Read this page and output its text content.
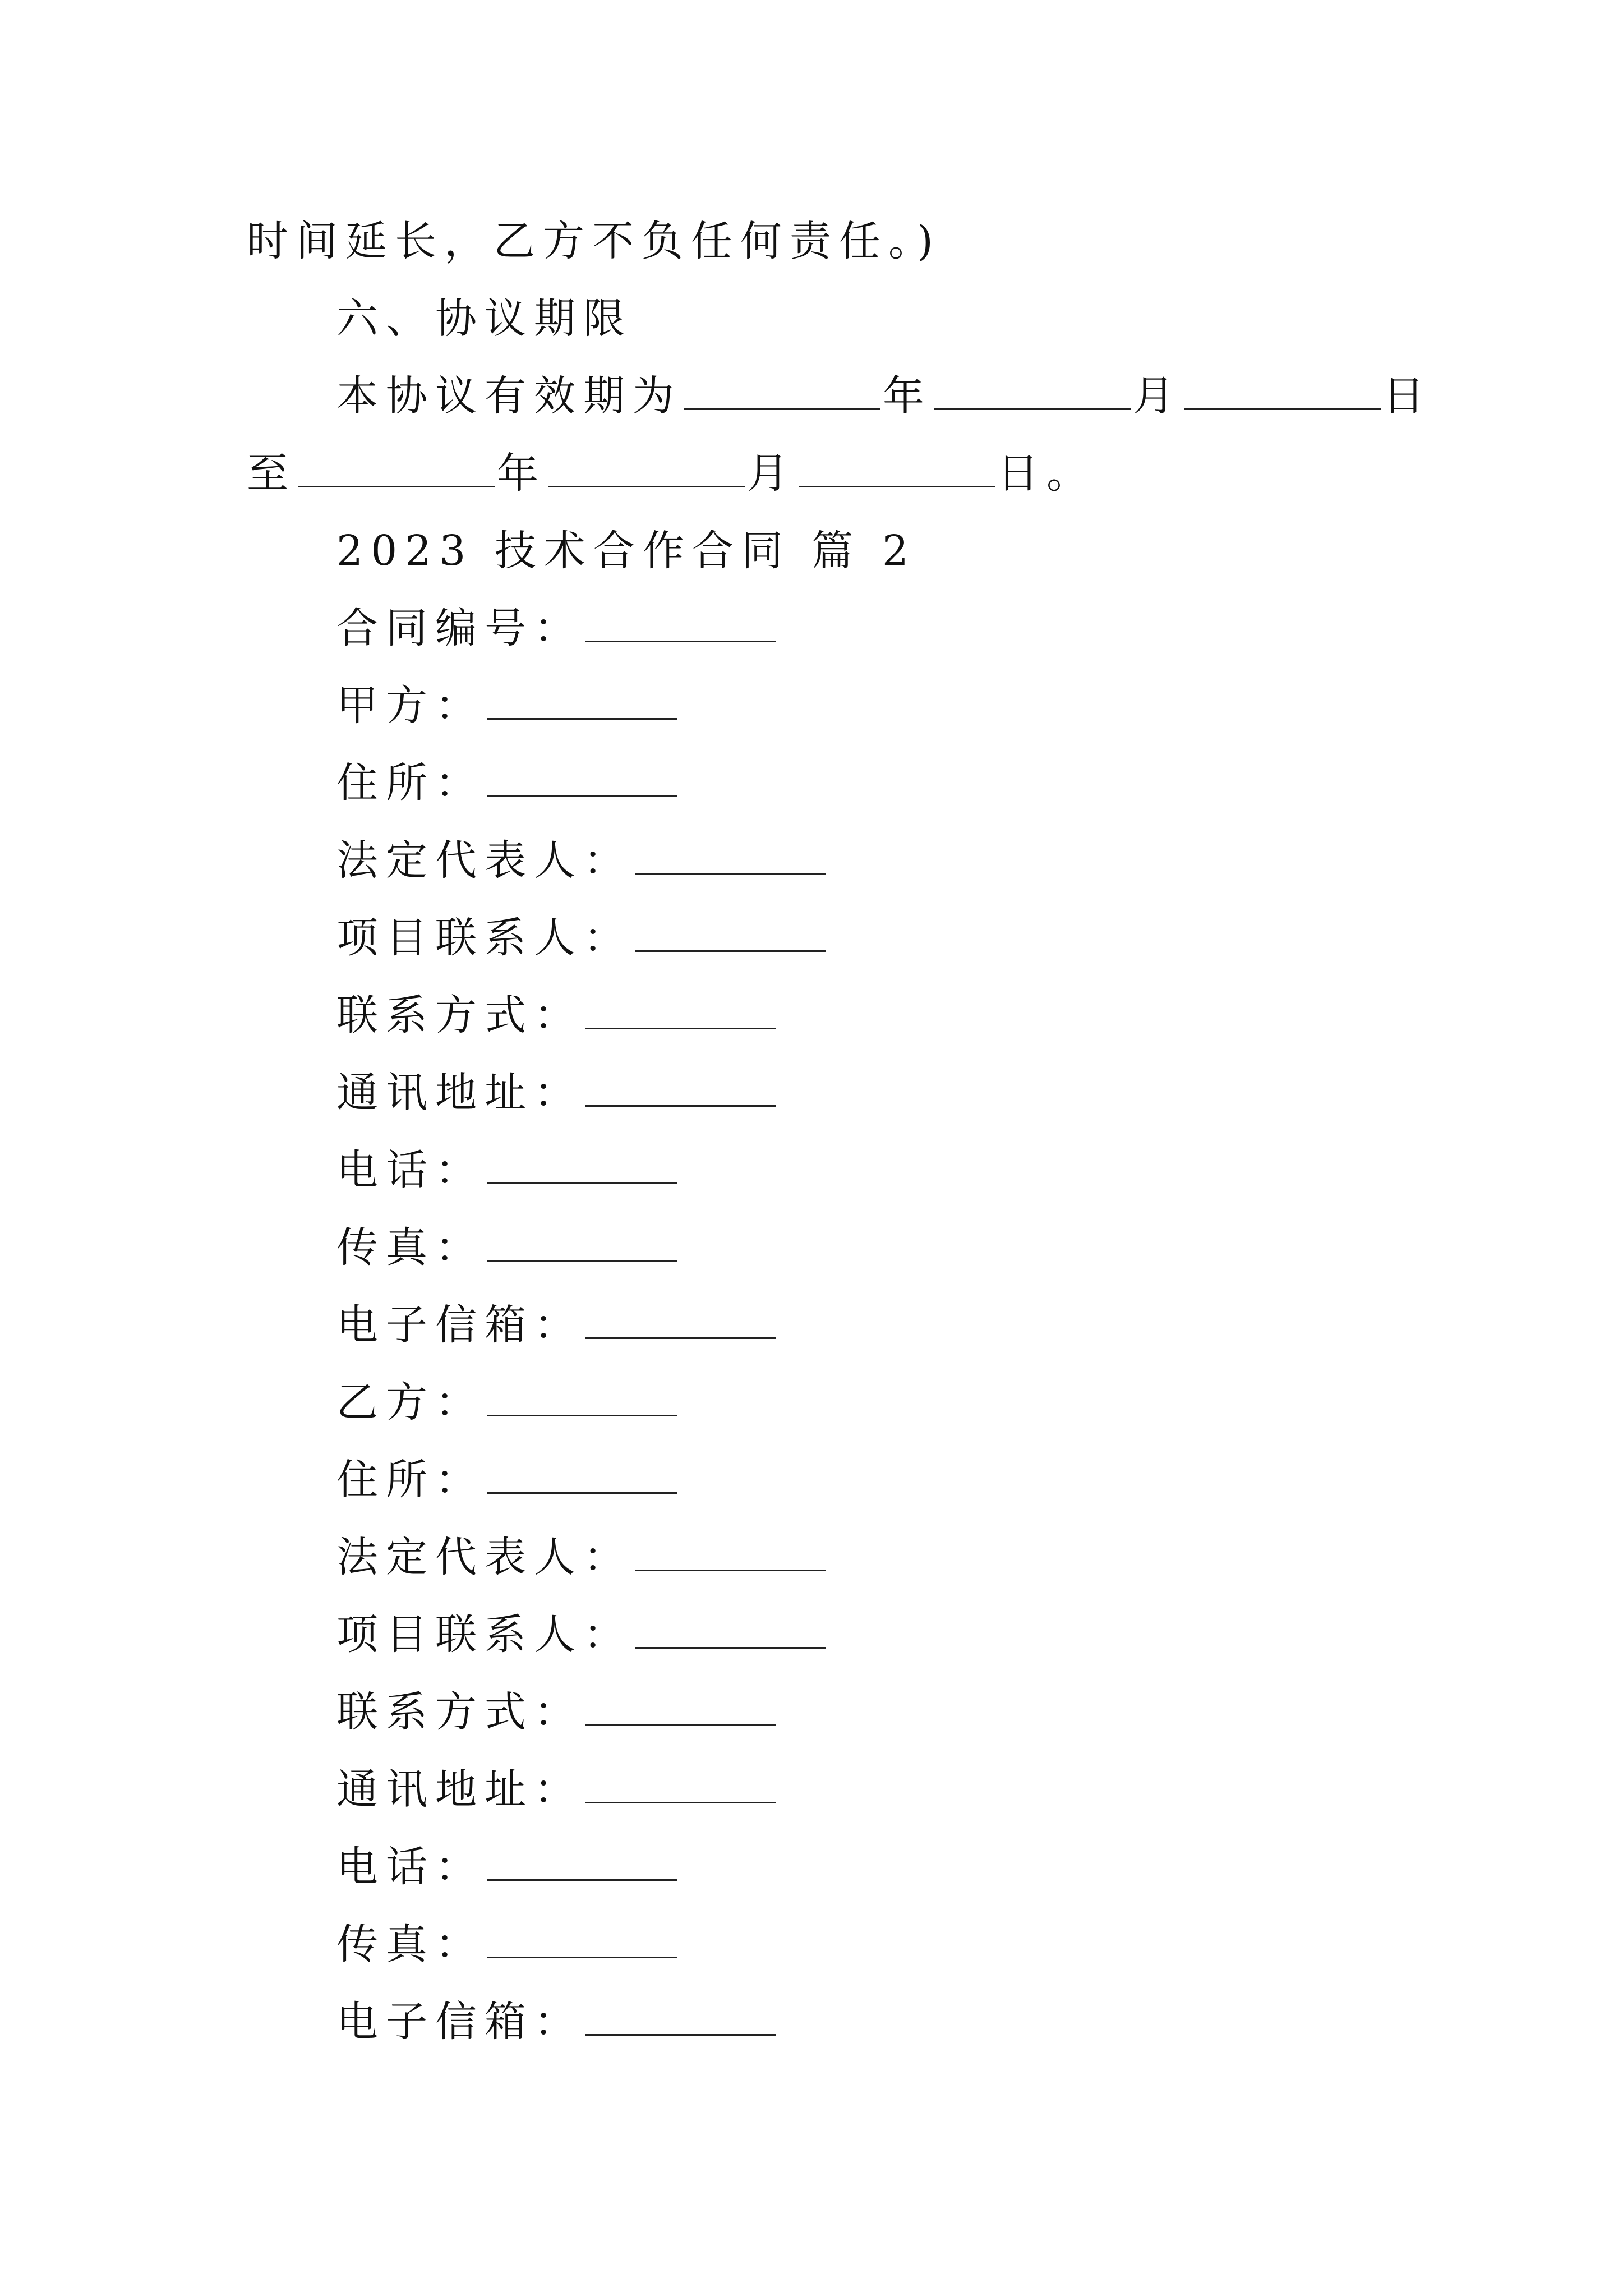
时间延长，乙方不负任何责任。)
六、协议期限
本协议有效期为	年	月	日
至	年	月	日。
2023 技术合作合同 篇 2
合同编号：
甲方：
住所：
法定代表人：
项目联系人：
联系方式：
通讯地址：
电话：
传真：
电子信箱：
乙方：
住所：
法定代表人：
项目联系人：
联系方式：
通讯地址：
电话：
传真：
电子信箱：
